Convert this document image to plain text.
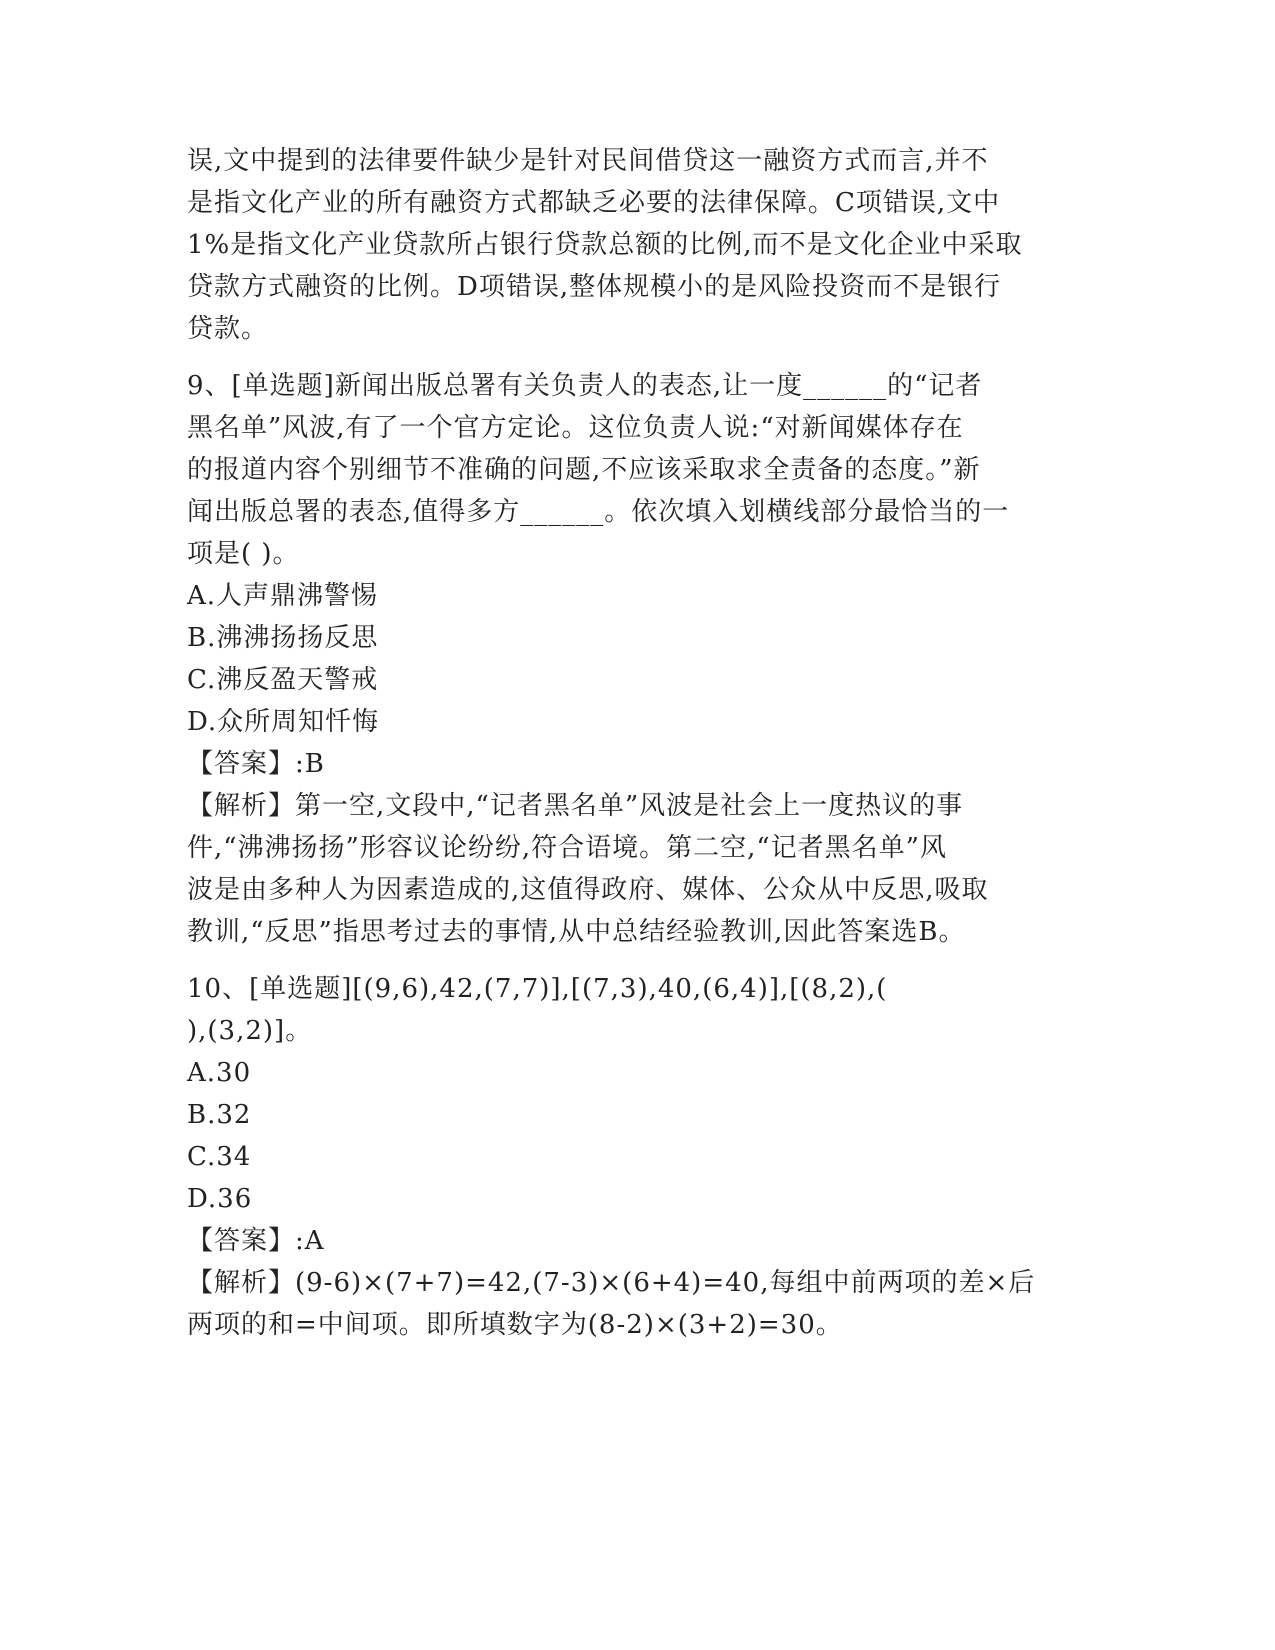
误,文中提到的法律要件缺少是针对民间借贷这一融资方式而言,并不
是指文化产业的所有融资方式都缺乏必要的法律保障。C项错误,文中
1%是指文化产业贷款所占银行贷款总额的比例,而不是文化企业中采取
贷款方式融资的比例。D项错误,整体规模小的是风险投资而不是银行
贷款。
9、[单选题]新闻出版总署有关负责人的表态,让一度______的“记者
黑名单”风波,有了一个官方定论。这位负责人说:“对新闻媒体存在
的报道内容个别细节不准确的问题,不应该采取求全责备的态度。”新
闻出版总署的表态,值得多方______。依次填入划横线部分最恰当的一
项是( )。
A.人声鼎沸警惕
B.沸沸扬扬反思
C.沸反盈天警戒
D.众所周知忏悔
【答案】:B
【解析】第一空,文段中,“记者黑名单”风波是社会上一度热议的事
件,“沸沸扬扬”形容议论纷纷,符合语境。第二空,“记者黑名单”风
波是由多种人为因素造成的,这值得政府、媒体、公众从中反思,吸取
教训,“反思”指思考过去的事情,从中总结经验教训,因此答案选B。
10、[单选题][(9,6),42,(7,7)],[(7,3),40,(6,4)],[(8,2),(
),(3,2)]。
A.30
B.32
C.34
D.36
【答案】:A
【解析】(9-6)×(7+7)=42,(7-3)×(6+4)=40,每组中前两项的差×后
两项的和=中间项。即所填数字为(8-2)×(3+2)=30。
